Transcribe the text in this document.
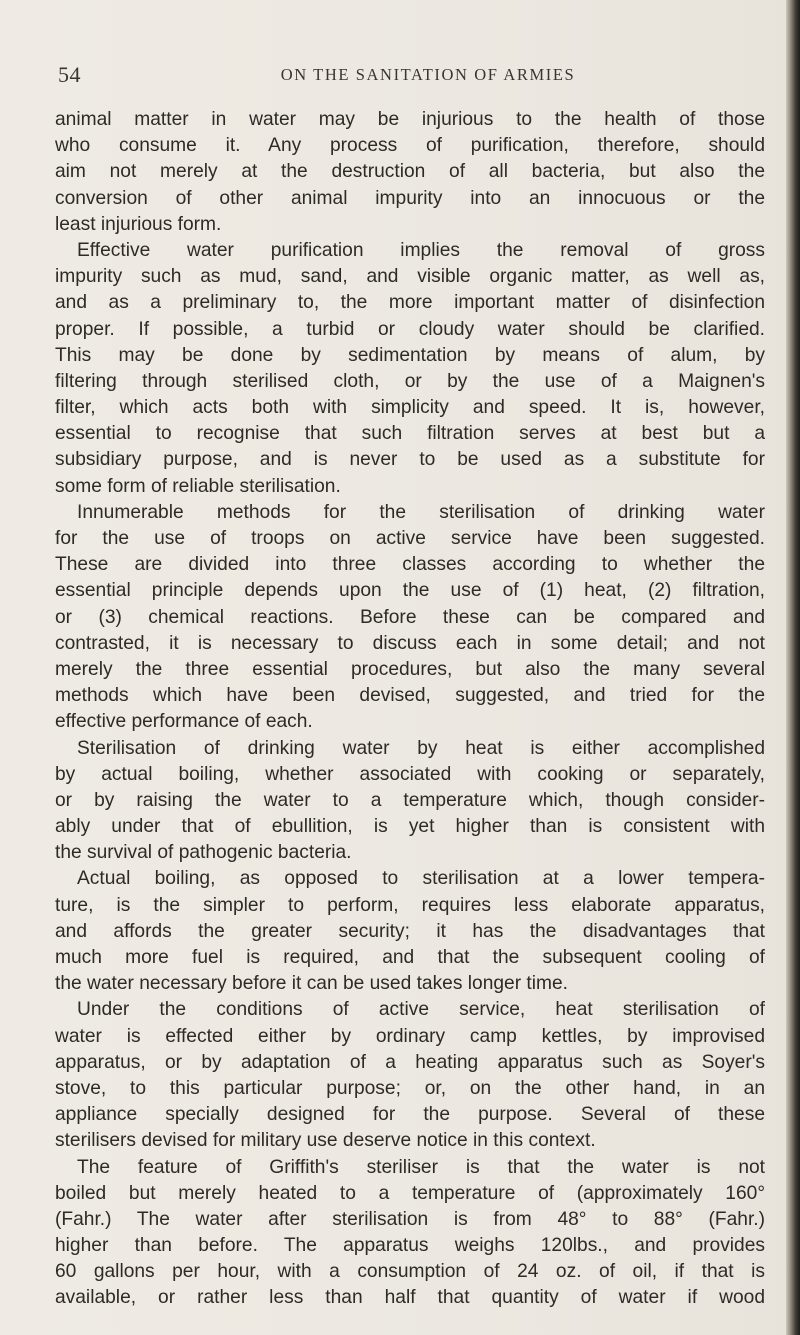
54	ON THE SANITATION OF ARMIES
animal matter in water may be injurious to the health of those
who consume it. Any process of purification, therefore, should
aim not merely at the destruction of all bacteria, but also the
conversion of other animal impurity into an innocuous or the
least injurious form.
Effective water purification implies the removal of gross
impurity such as mud, sand, and visible organic matter, as well as,
and as a preliminary to, the more important matter of disinfection
proper. If possible, a turbid or cloudy water should be clarified.
This may be done by sedimentation by means of alum, by
filtering through sterilised cloth, or by the use of a Maignen's
filter, which acts both with simplicity and speed. It is, however,
essential to recognise that such filtration serves at best but a
subsidiary purpose, and is never to be used as a substitute for
some form of reliable sterilisation.
Innumerable methods for the sterilisation of drinking water
for the use of troops on active service have been suggested.
These are divided into three classes according to whether the
essential principle depends upon the use of (1) heat, (2) filtration,
or (3) chemical reactions. Before these can be compared and
contrasted, it is necessary to discuss each in some detail; and not
merely the three essential procedures, but also the many several
methods which have been devised, suggested, and tried for the
effective performance of each.
Sterilisation of drinking water by heat is either accomplished
by actual boiling, whether associated with cooking or separately,
or by raising the water to a temperature which, though consider-
ably under that of ebullition, is yet higher than is consistent with
the survival of pathogenic bacteria.
Actual boiling, as opposed to sterilisation at a lower tempera-
ture, is the simpler to perform, requires less elaborate apparatus,
and affords the greater security; it has the disadvantages that
much more fuel is required, and that the subsequent cooling of
the water necessary before it can be used takes longer time.
Under the conditions of active service, heat sterilisation of
water is effected either by ordinary camp kettles, by improvised
apparatus, or by adaptation of a heating apparatus such as Soyer's
stove, to this particular purpose; or, on the other hand, in an
appliance specially designed for the purpose. Several of these
sterilisers devised for military use deserve notice in this context.
The feature of Griffith's steriliser is that the water is not
boiled but merely heated to a temperature of (approximately 160°
(Fahr.) The water after sterilisation is from 48° to 88° (Fahr.)
higher than before. The apparatus weighs 120lbs., and provides
60 gallons per hour, with a consumption of 24 oz. of oil, if that is
available, or rather less than half that quantity of water if wood
